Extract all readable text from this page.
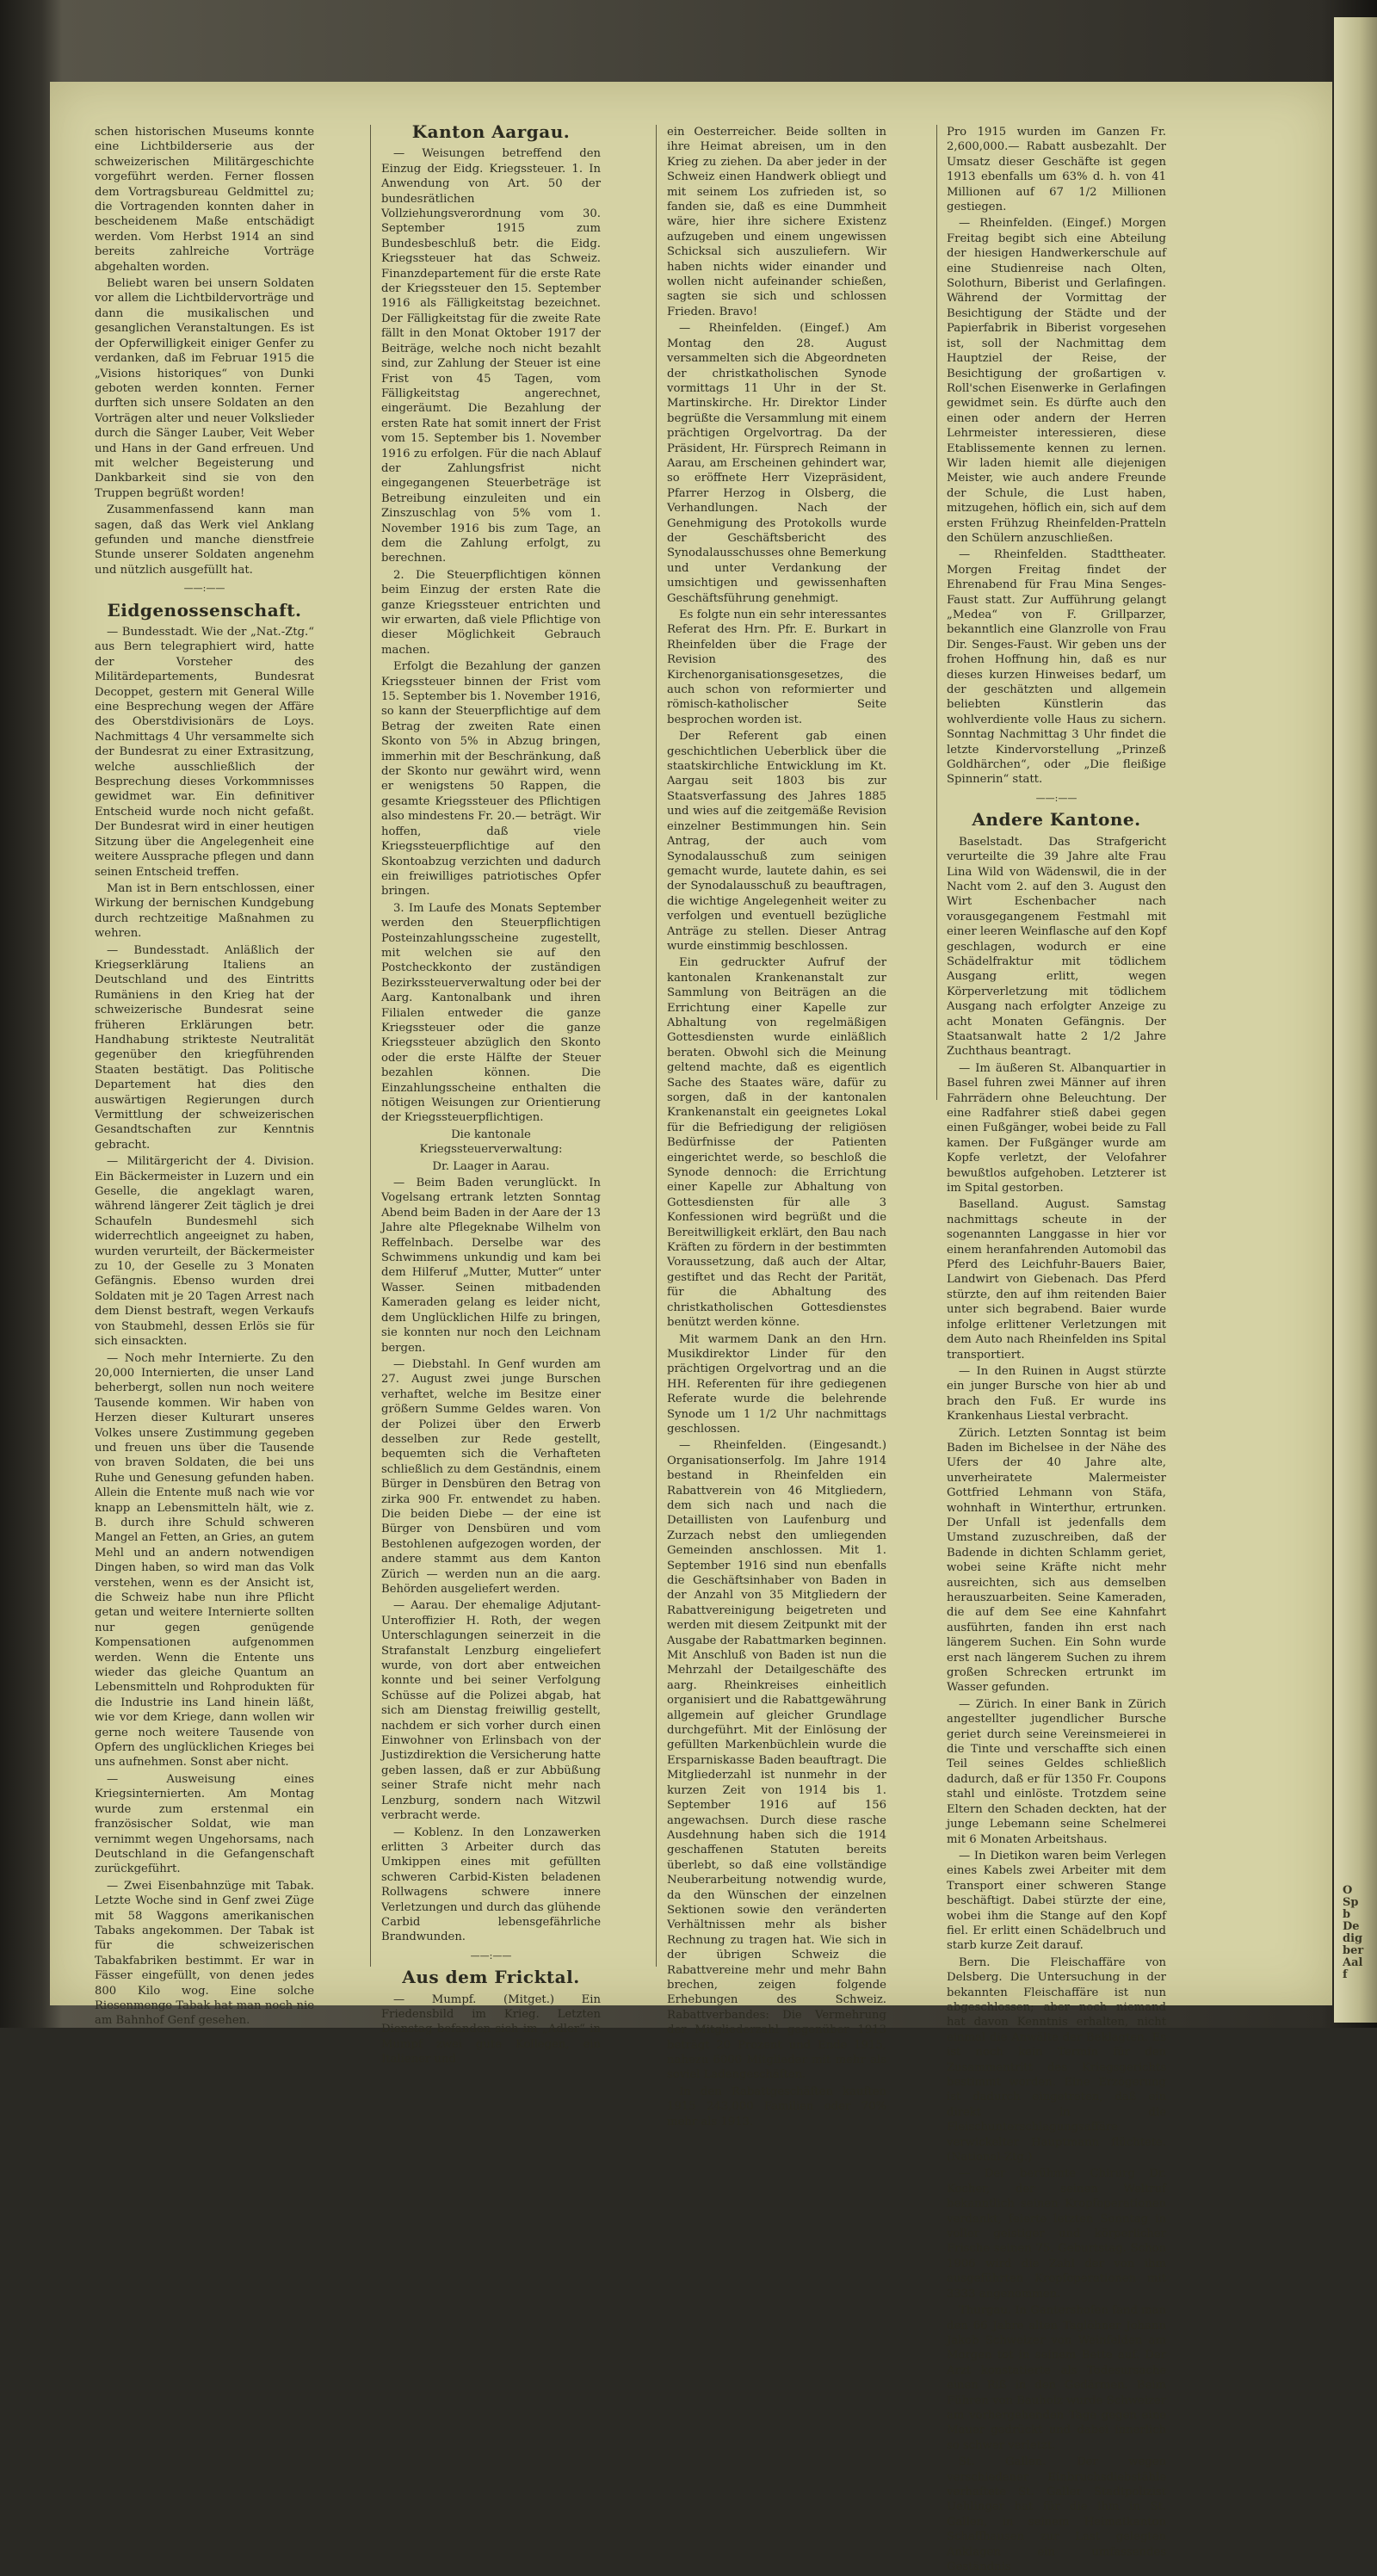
O
Sp
b
De
dig
ber
Aal
f

schen historischen Museums konnte eine Lichtbilderserie aus der schweizerischen Militärgeschichte vorgeführt werden. Ferner flossen dem Vortragsbureau Geldmittel zu; die Vortragenden konnten daher in bescheidenem Maße entschädigt werden. Vom Herbst 1914 an sind bereits zahlreiche Vorträge abgehalten worden.

Beliebt waren bei unsern Soldaten vor allem die Lichtbildervorträge und dann die musikalischen und gesanglichen Veranstaltungen. Es ist der Opferwilligkeit einiger Genfer zu verdanken, daß im Februar 1915 die „Visions historiques“ von Dunki geboten werden konnten. Ferner durften sich unsere Soldaten an den Vorträgen alter und neuer Volkslieder durch die Sänger Lauber, Veit Weber und Hans in der Gand erfreuen. Und mit welcher Begeisterung und Dankbarkeit sind sie von den Truppen begrüßt worden!

Zusammenfassend kann man sagen, daß das Werk viel Anklang gefunden und manche dienstfreie Stunde unserer Soldaten angenehm und nützlich ausgefüllt hat.

——:——
Eidgenossenschaft.

— Bundesstadt. Wie der „Nat.-Ztg.“ aus Bern telegraphiert wird, hatte der Vorsteher des Militärdepartements, Bundesrat Decoppet, gestern mit General Wille eine Besprechung wegen der Affäre des Oberstdivisionärs de Loys. Nachmittags 4 Uhr versammelte sich der Bundesrat zu einer Extrasitzung, welche ausschließlich der Besprechung dieses Vorkommnisses gewidmet war. Ein definitiver Entscheid wurde noch nicht gefaßt. Der Bundesrat wird in einer heutigen Sitzung über die Angelegenheit eine weitere Aussprache pflegen und dann seinen Entscheid treffen.

Man ist in Bern entschlossen, einer Wirkung der bernischen Kundgebung durch rechtzeitige Maßnahmen zu wehren.

— Bundesstadt. Anläßlich der Kriegserklärung Italiens an Deutschland und des Eintritts Rumäniens in den Krieg hat der schweizerische Bundesrat seine früheren Erklärungen betr. Handhabung strikteste Neutralität gegenüber den kriegführenden Staaten bestätigt. Das Politische Departement hat dies den auswärtigen Regierungen durch Vermittlung der schweizerischen Gesandtschaften zur Kenntnis gebracht.

— Militärgericht der 4. Division. Ein Bäckermeister in Luzern und ein Geselle, die angeklagt waren, während längerer Zeit täglich je drei Schaufeln Bundesmehl sich widerrechtlich angeeignet zu haben, wurden verurteilt, der Bäckermeister zu 10, der Geselle zu 3 Monaten Gefängnis. Ebenso wurden drei Soldaten mit je 20 Tagen Arrest nach dem Dienst bestraft, wegen Verkaufs von Staubmehl, dessen Erlös sie für sich einsackten.

— Noch mehr Internierte. Zu den 20,000 Internierten, die unser Land beherbergt, sollen nun noch weitere Tausende kommen. Wir haben von Herzen dieser Kulturart unseres Volkes unsere Zustimmung gegeben und freuen uns über die Tausende von braven Soldaten, die bei uns Ruhe und Genesung gefunden haben. Allein die Entente muß nach wie vor knapp an Lebensmitteln hält, wie z. B. durch ihre Schuld schweren Mangel an Fetten, an Gries, an gutem Mehl und an andern notwendigen Dingen haben, so wird man das Volk verstehen, wenn es der Ansicht ist, die Schweiz habe nun ihre Pflicht getan und weitere Internierte sollten nur gegen genügende Kompensationen aufgenommen werden. Wenn die Entente uns wieder das gleiche Quantum an Lebensmitteln und Rohprodukten für die Industrie ins Land hinein läßt, wie vor dem Kriege, dann wollen wir gerne noch weitere Tausende von Opfern des unglücklichen Krieges bei uns aufnehmen. Sonst aber nicht.

— Ausweisung eines Kriegsinternierten. Am Montag wurde zum erstenmal ein französischer Soldat, wie man vernimmt wegen Ungehorsams, nach Deutschland in die Gefangenschaft zurückgeführt.

— Zwei Eisenbahnzüge mit Tabak. Letzte Woche sind in Genf zwei Züge mit 58 Waggons amerikanischen Tabaks angekommen. Der Tabak ist für die schweizerischen Tabakfabriken bestimmt. Er war in Fässer eingefüllt, von denen jedes 800 Kilo wog. Eine solche Riesenmenge Tabak hat man noch nie am Bahnhof Genf gesehen.

Kanton Aargau.

— Weisungen betreffend den Einzug der Eidg. Kriegssteuer. 1. In Anwendung von Art. 50 der bundesrätlichen Vollziehungsverordnung vom 30. September 1915 zum Bundesbeschluß betr. die Eidg. Kriegssteuer hat das Schweiz. Finanzdepartement für die erste Rate der Kriegssteuer den 15. September 1916 als Fälligkeitstag bezeichnet. Der Fälligkeitstag für die zweite Rate fällt in den Monat Oktober 1917 der Beiträge, welche noch nicht bezahlt sind, zur Zahlung der Steuer ist eine Frist von 45 Tagen, vom Fälligkeitstag angerechnet, eingeräumt. Die Bezahlung der ersten Rate hat somit innert der Frist vom 15. September bis 1. November 1916 zu erfolgen. Für die nach Ablauf der Zahlungsfrist nicht eingegangenen Steuerbeträge ist Betreibung einzuleiten und ein Zinszuschlag von 5% vom 1. November 1916 bis zum Tage, an dem die Zahlung erfolgt, zu berechnen.

2. Die Steuerpflichtigen können beim Einzug der ersten Rate die ganze Kriegssteuer entrichten und wir erwarten, daß viele Pflichtige von dieser Möglichkeit Gebrauch machen.

Erfolgt die Bezahlung der ganzen Kriegssteuer binnen der Frist vom 15. September bis 1. November 1916, so kann der Steuerpflichtige auf dem Betrag der zweiten Rate einen Skonto von 5% in Abzug bringen, immerhin mit der Beschränkung, daß der Skonto nur gewährt wird, wenn er wenigstens 50 Rappen, die gesamte Kriegssteuer des Pflichtigen also mindestens Fr. 20.— beträgt. Wir hoffen, daß viele Kriegssteuerpflichtige auf den Skontoabzug verzichten und dadurch ein freiwilliges patriotisches Opfer bringen.

3. Im Laufe des Monats September werden den Steuerpflichtigen Posteinzahlungsscheine zugestellt, mit welchen sie auf den Postcheckkonto der zuständigen Bezirkssteuerverwaltung oder bei der Aarg. Kantonalbank und ihren Filialen entweder die ganze Kriegssteuer oder die ganze Kriegssteuer abzüglich den Skonto oder die erste Hälfte der Steuer bezahlen können. Die Einzahlungsscheine enthalten die nötigen Weisungen zur Orientierung der Kriegssteuerpflichtigen.

Die kantonale Kriegssteuerverwaltung:

Dr. Laager in Aarau.

— Beim Baden verunglückt. In Vogelsang ertrank letzten Sonntag Abend beim Baden in der Aare der 13 Jahre alte Pflegeknabe Wilhelm von Reffelnbach. Derselbe war des Schwimmens unkundig und kam bei dem Hilferuf „Mutter, Mutter“ unter Wasser. Seinen mitbadenden Kameraden gelang es leider nicht, dem Unglücklichen Hilfe zu bringen, sie konnten nur noch den Leichnam bergen.

— Diebstahl. In Genf wurden am 27. August zwei junge Burschen verhaftet, welche im Besitze einer größern Summe Geldes waren. Von der Polizei über den Erwerb desselben zur Rede gestellt, bequemten sich die Verhafteten schließlich zu dem Geständnis, einem Bürger in Densbüren den Betrag von zirka 900 Fr. entwendet zu haben. Die beiden Diebe — der eine ist Bürger von Densbüren und vom Bestohlenen aufgezogen worden, der andere stammt aus dem Kanton Zürich — werden nun an die aarg. Behörden ausgeliefert werden.

— Aarau. Der ehemalige Adjutant-Unteroffizier H. Roth, der wegen Unterschlagungen seinerzeit in die Strafanstalt Lenzburg eingeliefert wurde, von dort aber entweichen konnte und bei seiner Verfolgung Schüsse auf die Polizei abgab, hat sich am Dienstag freiwillig gestellt, nachdem er sich vorher durch einen Einwohner von Erlinsbach von der Justizdirektion die Versicherung hatte geben lassen, daß er zur Abbüßung seiner Strafe nicht mehr nach Lenzburg, sondern nach Witzwil verbracht werde.

— Koblenz. In den Lonzawerken erlitten 3 Arbeiter durch das Umkippen eines mit gefüllten schweren Carbid-Kisten beladenen Rollwagens schwere innere Verletzungen und durch das glühende Carbid lebensgefährliche Brandwunden.

——:——
Aus dem Fricktal.

— Mumpf. (Mitget.) Ein Friedensbild im Krieg. Letzten Dienstag befanden sich im „Adler“ in Mumpf zwei gute Kollegen, ein Italiener und

ein Oesterreicher. Beide sollten in ihre Heimat abreisen, um in den Krieg zu ziehen. Da aber jeder in der Schweiz einen Handwerk obliegt und mit seinem Los zufrieden ist, so fanden sie, daß es eine Dummheit wäre, hier ihre sichere Existenz aufzugeben und einem ungewissen Schicksal sich auszuliefern. Wir haben nichts wider einander und wollen nicht aufeinander schießen, sagten sie sich und schlossen Frieden. Bravo!

— Rheinfelden. (Eingef.) Am Montag den 28. August versammelten sich die Abgeordneten der christkatholischen Synode vormittags 11 Uhr in der St. Martinskirche. Hr. Direktor Linder begrüßte die Versammlung mit einem prächtigen Orgelvortrag. Da der Präsident, Hr. Fürsprech Reimann in Aarau, am Erscheinen gehindert war, so eröffnete Herr Vizepräsident, Pfarrer Herzog in Olsberg, die Verhandlungen. Nach der Genehmigung des Protokolls wurde der Geschäftsbericht des Synodalausschusses ohne Bemerkung und unter Verdankung der umsichtigen und gewissenhaften Geschäftsführung genehmigt.

Es folgte nun ein sehr interessantes Referat des Hrn. Pfr. E. Burkart in Rheinfelden über die Frage der Revision des Kirchenorganisationsgesetzes, die auch schon von reformierter und römisch-katholischer Seite besprochen worden ist.

Der Referent gab einen geschichtlichen Ueberblick über die staatskirchliche Entwicklung im Kt. Aargau seit 1803 bis zur Staatsverfassung des Jahres 1885 und wies auf die zeitgemäße Revision einzelner Bestimmungen hin. Sein Antrag, der auch vom Synodalausschuß zum seinigen gemacht wurde, lautete dahin, es sei der Synodalausschuß zu beauftragen, die wichtige Angelegenheit weiter zu verfolgen und eventuell bezügliche Anträge zu stellen. Dieser Antrag wurde einstimmig beschlossen.

Ein gedruckter Aufruf der kantonalen Krankenanstalt zur Sammlung von Beiträgen an die Errichtung einer Kapelle zur Abhaltung von regelmäßigen Gottesdiensten wurde einläßlich beraten. Obwohl sich die Meinung geltend machte, daß es eigentlich Sache des Staates wäre, dafür zu sorgen, daß in der kantonalen Krankenanstalt ein geeignetes Lokal für die Befriedigung der religiösen Bedürfnisse der Patienten eingerichtet werde, so beschloß die Synode dennoch: die Errichtung einer Kapelle zur Abhaltung von Gottesdiensten für alle 3 Konfessionen wird begrüßt und die Bereitwilligkeit erklärt, den Bau nach Kräften zu fördern in der bestimmten Voraussetzung, daß auch der Altar, gestiftet und das Recht der Parität, für die Abhaltung des christkatholischen Gottesdienstes benützt werden könne.

Mit warmem Dank an den Hrn. Musikdirektor Linder für den prächtigen Orgelvortrag und an die HH. Referenten für ihre gediegenen Referate wurde die belehrende Synode um 1 1/2 Uhr nachmittags geschlossen.

— Rheinfelden. (Eingesandt.) Organisationserfolg. Im Jahre 1914 bestand in Rheinfelden ein Rabattverein von 46 Mitgliedern, dem sich nach und nach die Detaillisten von Laufenburg und Zurzach nebst den umliegenden Gemeinden anschlossen. Mit 1. September 1916 sind nun ebenfalls die Geschäftsinhaber von Baden in der Anzahl von 35 Mitgliedern der Rabattvereinigung beigetreten und werden mit diesem Zeitpunkt mit der Ausgabe der Rabattmarken beginnen. Mit Anschluß von Baden ist nun die Mehrzahl der Detailgeschäfte des aarg. Rheinkreises einheitlich organisiert und die Rabattgewährung allgemein auf gleicher Grundlage durchgeführt. Mit der Einlösung der gefüllten Markenbüchlein wurde die Ersparniskasse Baden beauftragt. Die Mitgliederzahl ist nunmehr in der kurzen Zeit von 1914 bis 1. September 1916 auf 156 angewachsen. Durch diese rasche Ausdehnung haben sich die 1914 geschaffenen Statuten bereits überlebt, so daß eine vollständige Neuberarbeitung notwendig wurde, da den Wünschen der einzelnen Sektionen sowie den veränderten Verhältnissen mehr als bisher Rechnung zu tragen hat. Wie sich in der übrigen Schweiz die Rabattvereine mehr und mehr Bahn brechen, zeigen folgende Erhebungen des Schweiz. Rabattverbandes: Die Vermehrung der Mitgliederzahl gegenüber 1913 beträgt 20 Prozent und Ende 1915, nahezu 6000 Mitglieder mit mehr als soviel Ladengeschäften.

In den Rabattgeschäften kauften 1915 243,000 Familien oder 70% mehr als 1913.

Pro 1915 wurden im Ganzen Fr. 2,600,000.— Rabatt ausbezahlt. Der Umsatz dieser Geschäfte ist gegen 1913 ebenfalls um 63% d. h. von 41 Millionen auf 67 1/2 Millionen gestiegen.

— Rheinfelden. (Eingef.) Morgen Freitag begibt sich eine Abteilung der hiesigen Handwerkerschule auf eine Studienreise nach Olten, Solothurn, Biberist und Gerlafingen. Während der Vormittag der Besichtigung der Städte und der Papierfabrik in Biberist vorgesehen ist, soll der Nachmittag dem Hauptziel der Reise, der Besichtigung der großartigen v. Roll'schen Eisenwerke in Gerlafingen gewidmet sein. Es dürfte auch den einen oder andern der Herren Lehrmeister interessieren, diese Etablissemente kennen zu lernen. Wir laden hiemit alle diejenigen Meister, wie auch andere Freunde der Schule, die Lust haben, mitzugehen, höflich ein, sich auf dem ersten Frühzug Rheinfelden-Pratteln den Schülern anzuschließen.

— Rheinfelden. Stadttheater. Morgen Freitag findet der Ehrenabend für Frau Mina Senges-Faust statt. Zur Aufführung gelangt „Medea“ von F. Grillparzer, bekanntlich eine Glanzrolle von Frau Dir. Senges-Faust. Wir geben uns der frohen Hoffnung hin, daß es nur dieses kurzen Hinweises bedarf, um der geschätzten und allgemein beliebten Künstlerin das wohlverdiente volle Haus zu sichern. Sonntag Nachmittag 3 Uhr findet die letzte Kindervorstellung „Prinzeß Goldhärchen“, oder „Die fleißige Spinnerin“ statt.

——:——
Andere Kantone.

Baselstadt. Das Strafgericht verurteilte die 39 Jahre alte Frau Lina Wild von Wädenswil, die in der Nacht vom 2. auf den 3. August den Wirt Eschenbacher nach vorausgegangenem Festmahl mit einer leeren Weinflasche auf den Kopf geschlagen, wodurch er eine Schädelfraktur mit tödlichem Ausgang erlitt, wegen Körperverletzung mit tödlichem Ausgang nach erfolgter Anzeige zu acht Monaten Gefängnis. Der Staatsanwalt hatte 2 1/2 Jahre Zuchthaus beantragt.

— Im äußeren St. Albanquartier in Basel fuhren zwei Männer auf ihren Fahrrädern ohne Beleuchtung. Der eine Radfahrer stieß dabei gegen einen Fußgänger, wobei beide zu Fall kamen. Der Fußgänger wurde am Kopfe verletzt, der Velofahrer bewußtlos aufgehoben. Letzterer ist im Spital gestorben.

Baselland. August. Samstag nachmittags scheute in der sogenannten Langgasse in hier vor einem heranfahrenden Automobil das Pferd des Leichfuhr-Bauers Baier, Landwirt von Giebenach. Das Pferd stürzte, den auf ihm reitenden Baier unter sich begrabend. Baier wurde infolge erlittener Verletzungen mit dem Auto nach Rheinfelden ins Spital transportiert.

— In den Ruinen in Augst stürzte ein junger Bursche von hier ab und brach den Fuß. Er wurde ins Krankenhaus Liestal verbracht.

Zürich. Letzten Sonntag ist beim Baden im Bichelsee in der Nähe des Ufers der 40 Jahre alte, unverheiratete Malermeister Gottfried Lehmann von Stäfa, wohnhaft in Winterthur, ertrunken. Der Unfall ist jedenfalls dem Umstand zuzuschreiben, daß der Badende in dichten Schlamm geriet, wobei seine Kräfte nicht mehr ausreichten, sich aus demselben herauszuarbeiten. Seine Kameraden, die auf dem See eine Kahnfahrt ausführten, fanden ihn erst nach längerem Suchen. Ein Sohn wurde erst nach längerem Suchen zu ihrem großen Schrecken ertrunkt im Wasser gefunden.

— Zürich. In einer Bank in Zürich angestellter jugendlicher Bursche geriet durch seine Vereinsmeierei in die Tinte und verschaffte sich einen Teil seines Geldes schließlich dadurch, daß er für 1350 Fr. Coupons stahl und einlöste. Trotzdem seine Eltern den Schaden deckten, hat der junge Lebemann seine Schelmerei mit 6 Monaten Arbeitshaus.

— In Dietikon waren beim Verlegen eines Kabels zwei Arbeiter mit dem Transport einer schweren Stange beschäftigt. Dabei stürzte der eine, wobei ihm die Stange auf den Kopf fiel. Er erlitt einen Schädelbruch und starb kurze Zeit darauf.

Bern. Die Fleischaffäre von Delsberg. Die Untersuchung in der bekannten Fleischaffäre ist nun abgeschlossen; aber noch niemand hat davon Kenntnis erhalten, nicht einmal die Anwälte der Beklagten. Es ist noch kein Termin für den Zusammentritt des Kriegsgerichts bestimmt worden. Eine Erzögerung ist dadurch eingetreten, daß ein direkt in die Fleischunterschlagungsaffäre verwickelter Hauptmann flüchtete. (National-Ztg.)

— Der berühmte Chirurg Dr. Kocher, der seinen Weltruf bekanntlich seinen Kropfoperationen verdankt, feierte letzten Sonntag in voller geistiger und körperlicher Frische seinen 75. Geburtstag. Schon 1906 wird die Zahl der von ihm ausgeführten Kropfoperationen mit 3333 angenommen.

Thurgau. In Gantershofen fand man den 66 Jahre alten Taglöhner Johann Jakob Schweizer von Weinfelden am Morgen tot in seinem Bette auf. Der Arzt konstatierte als Todesursache einen Riß in den Gedärmen. Beim Führen von Bauholz wurde Schweizer am vorhergehenden Tage gegen eine Mauer gedrückt und dabei innerlich so schwer verletzt.

St. Gallen. Der wegen verschiedener Einbruchsdiebstähle verhaftete St. Galler Stadtpolizist Uehlinger hat für die ihm in St. Gallen, in seinem Heimatkanton Schaffhausen zur Last gelegten Anklagen ein umfassendes Geständnis
